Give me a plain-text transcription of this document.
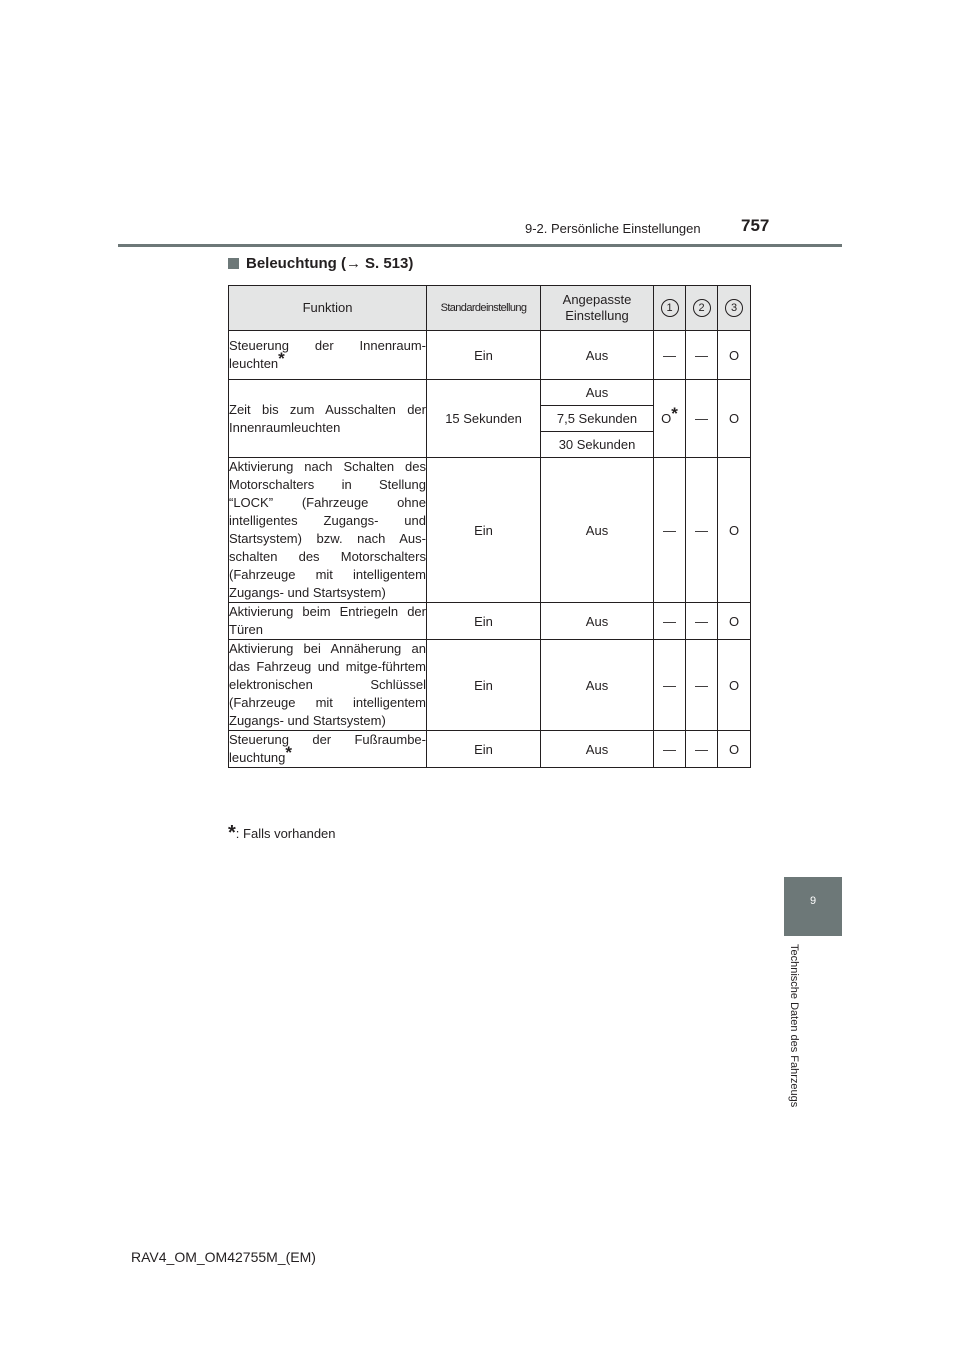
9-2. Persönliche Einstellungen 757
Beleuchtung ( → S. 513)
Funktion	Standardeinstellung	Angepasste Einstellung	1	2	3
Steuerung der Innenraum-leuchten*	Ein	Aus	—	—	O
Zeit bis zum Ausschalten der Innenraumleuchten	15 Sekunden	Aus	O*	—	O
		7,5 Sekunden			
		30 Sekunden			
Aktivierung nach Schalten des Motorschalters in Stellung “LOCK” (Fahrzeuge ohne intelligentes Zugangs- und Startsystem) bzw. nach Aus-schalten des Motorschalters (Fahrzeuge mit intelligentem Zugangs- und Startsystem)	Ein	Aus	—	—	O
Aktivierung beim Entriegeln der Türen	Ein	Aus	—	—	O
Aktivierung bei Annäherung an das Fahrzeug und mitge-führtem elektronischen Schlüssel (Fahrzeuge mit intelligentem Zugangs- und Startsystem)	Ein	Aus	—	—	O
Steuerung der Fußraumbe-leuchtung*	Ein	Aus	—	—	O
*: Falls vorhanden
9
Technische Daten des Fahrzeugs
RAV4_OM_OM42755M_(EM)
